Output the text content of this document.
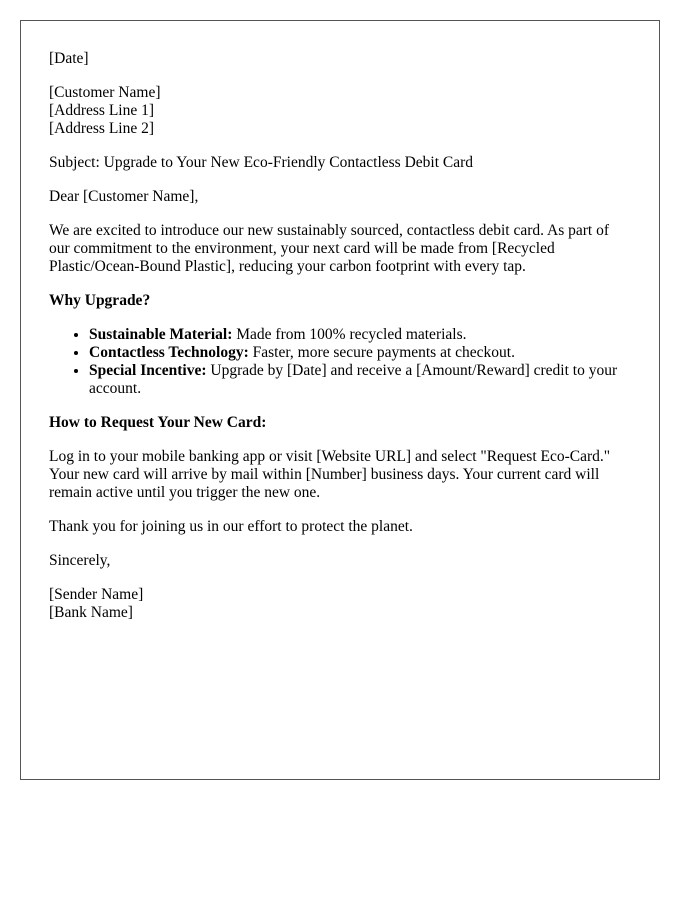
[Date]
[Customer Name]
[Address Line 1]
[Address Line 2]
Subject: Upgrade to Your New Eco-Friendly Contactless Debit Card
Dear [Customer Name],
We are excited to introduce our new sustainably sourced, contactless debit card. As part of our commitment to the environment, your next card will be made from [Recycled Plastic/Ocean-Bound Plastic], reducing your carbon footprint with every tap.
Why Upgrade?
• Sustainable Material: Made from 100% recycled materials.
• Contactless Technology: Faster, more secure payments at checkout.
• Special Incentive: Upgrade by [Date] and receive a [Amount/Reward] credit to your account.
How to Request Your New Card:
Log in to your mobile banking app or visit [Website URL] and select "Request Eco-Card." Your new card will arrive by mail within [Number] business days. Your current card will remain active until you trigger the new one.
Thank you for joining us in our effort to protect the planet.
Sincerely,
[Sender Name]
[Bank Name]
